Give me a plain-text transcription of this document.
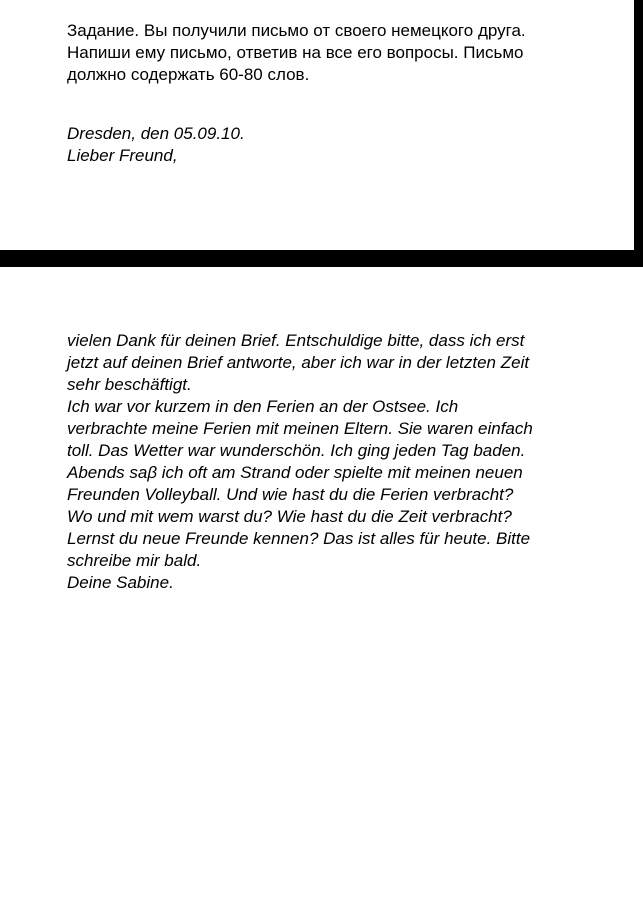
Задание. Вы получили письмо от своего немецкого друга.
Напиши ему письмо, ответив на все его вопросы. Письмо
должно содержать 60-80 слов.

Dresden, den 05.09.10.
Lieber Freund,

vielen Dank für deinen Brief. Entschuldige bitte, dass ich erst
jetzt auf deinen Brief antworte, aber ich war in der letzten Zeit
sehr beschäftigt.
Ich war vor kurzem in den Ferien an der Ostsee. Ich
verbrachte meine Ferien mit meinen Eltern. Sie waren einfach
toll. Das Wetter war wunderschön. Ich ging jeden Tag baden.
Abends saβ ich oft am Strand oder spielte mit meinen neuen
Freunden Volleyball. Und wie hast du die Ferien verbracht?
Wo und mit wem warst du? Wie hast du die Zeit verbracht?
Lernst du neue Freunde kennen? Das ist alles für heute. Bitte
schreibe mir bald.
Deine Sabine.
